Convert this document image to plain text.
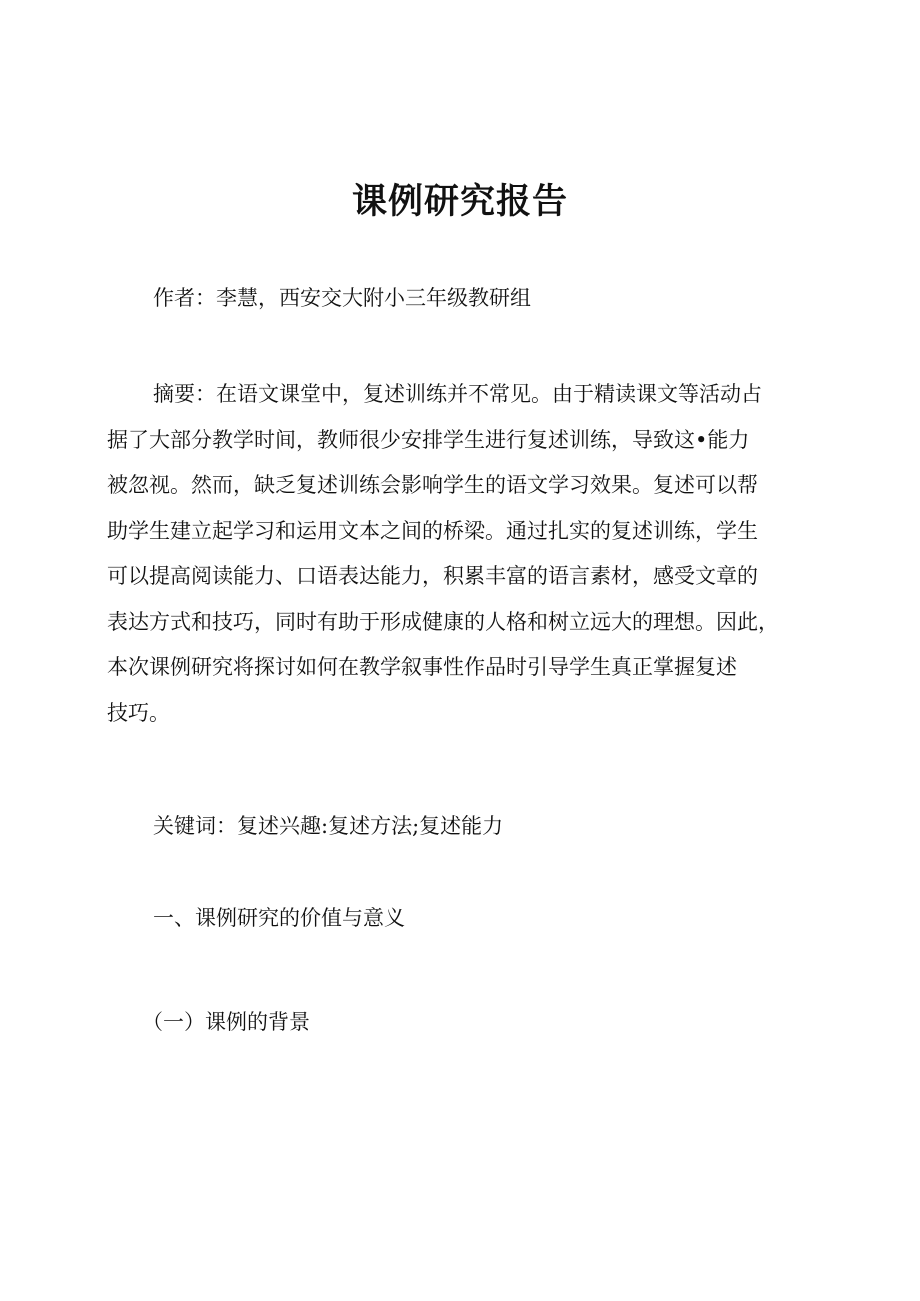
课例研究报告
作者：李慧，西安交大附小三年级教研组
摘要：在语文课堂中，复述训练并不常见。由于精读课文等活动占
据了大部分教学时间，教师很少安排学生进行复述训练，导致这•能力
被忽视。然而，缺乏复述训练会影响学生的语文学习效果。复述可以帮
助学生建立起学习和运用文本之间的桥梁。通过扎实的复述训练，学生
可以提高阅读能力、口语表达能力，积累丰富的语言素材，感受文章的
表达方式和技巧，同时有助于形成健康的人格和树立远大的理想。因此，
本次课例研究将探讨如何在教学叙事性作品时引导学生真正掌握复述
技巧。
关键词：复述兴趣:复述方法;复述能力
一、课例研究的价值与意义
（一）课例的背景
